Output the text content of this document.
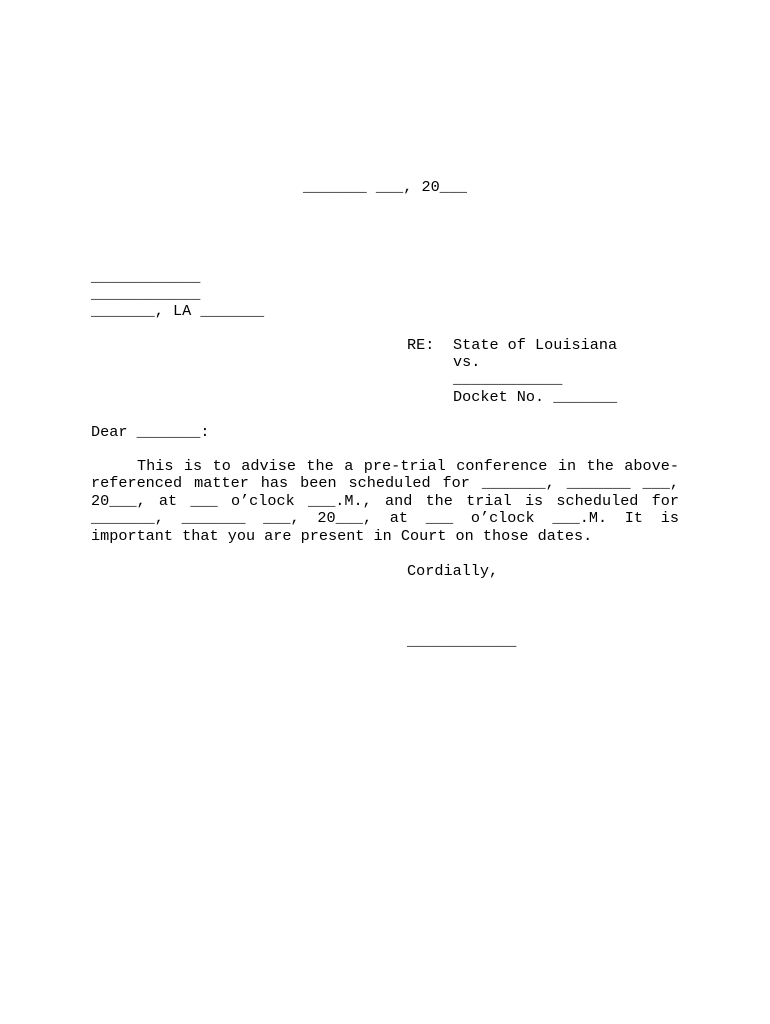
_______ ___, 20___
____________
____________
_______, LA _______
RE: State of Louisiana
vs.
____________
Docket No. _______
Dear _______:
This is to advise the a pre-trial conference in the above-referenced matter has been scheduled for _______, _______ ___, 20___, at ___ o’clock ___.M., and the trial is scheduled for _______, _______ ___, 20___, at ___ o’clock ___.M. It is important that you are present in Court on those dates.
Cordially,
____________
